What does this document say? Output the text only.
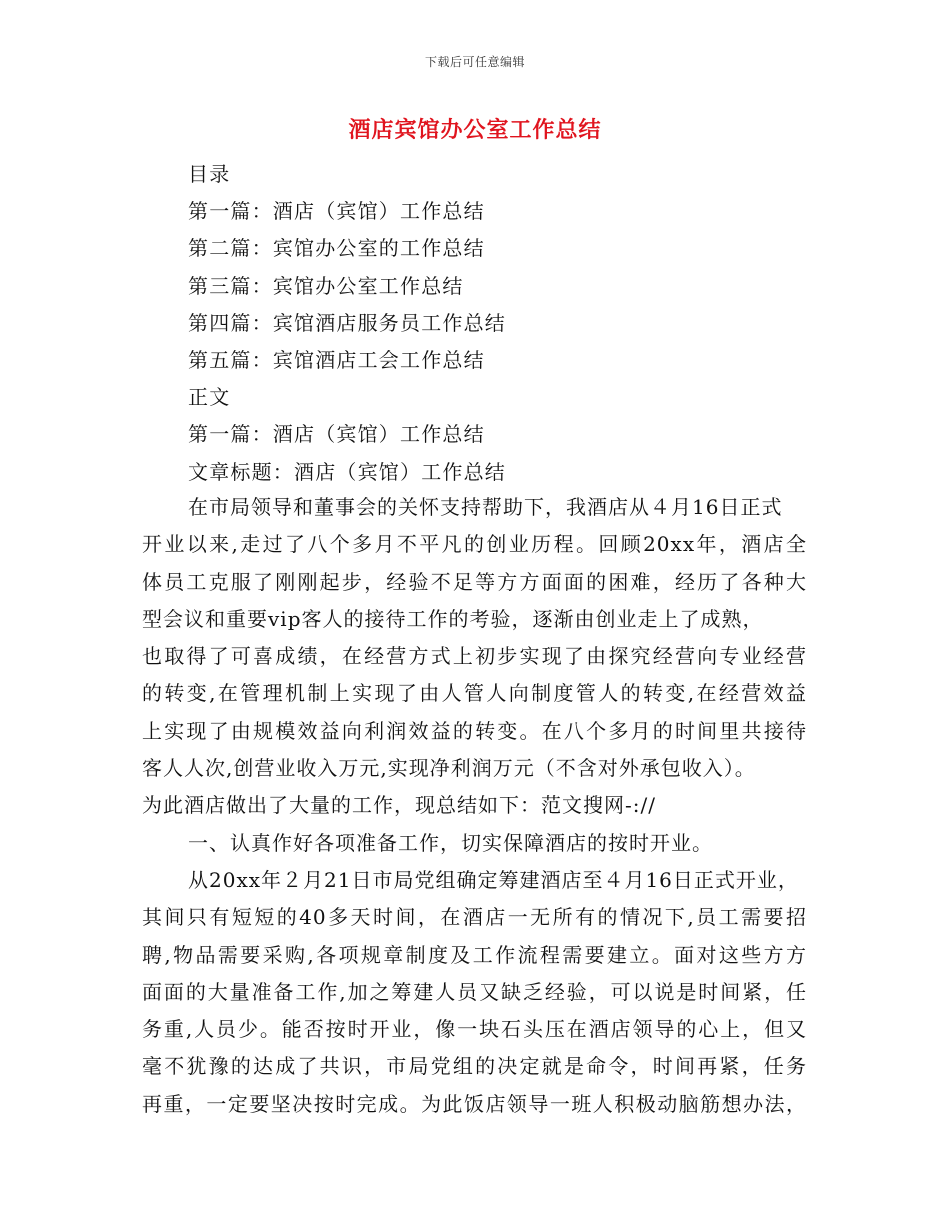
下载后可任意编辑
酒店宾馆办公室工作总结
目录
第一篇：酒店（宾馆）工作总结
第二篇：宾馆办公室的工作总结
第三篇：宾馆办公室工作总结
第四篇：宾馆酒店服务员工作总结
第五篇：宾馆酒店工会工作总结
正文
第一篇：酒店（宾馆）工作总结
文章标题：酒店（宾馆）工作总结
在市局领导和董事会的关怀支持帮助下，我酒店从４月16日正式
开业以来,走过了八个多月不平凡的创业历程。回顾20xx年，酒店全
体员工克服了刚刚起步，经验不足等方方面面的困难，经历了各种大
型会议和重要vip客人的接待工作的考验，逐渐由创业走上了成熟，
也取得了可喜成绩，在经营方式上初步实现了由探究经营向专业经营
的转变,在管理机制上实现了由人管人向制度管人的转变,在经营效益
上实现了由规模效益向利润效益的转变。在八个多月的时间里共接待
客人人次,创营业收入万元,实现净利润万元（不含对外承包收入）。
为此酒店做出了大量的工作，现总结如下：范文搜网-://
一、认真作好各项准备工作，切实保障酒店的按时开业。
从20xx年２月21日市局党组确定筹建酒店至４月16日正式开业，
其间只有短短的40多天时间，在酒店一无所有的情况下,员工需要招
聘,物品需要采购,各项规章制度及工作流程需要建立。面对这些方方
面面的大量准备工作,加之筹建人员又缺乏经验，可以说是时间紧，任
务重,人员少。能否按时开业，像一块石头压在酒店领导的心上，但又
毫不犹豫的达成了共识，市局党组的决定就是命令，时间再紧，任务
再重，一定要坚决按时完成。为此饭店领导一班人积极动脑筋想办法，
